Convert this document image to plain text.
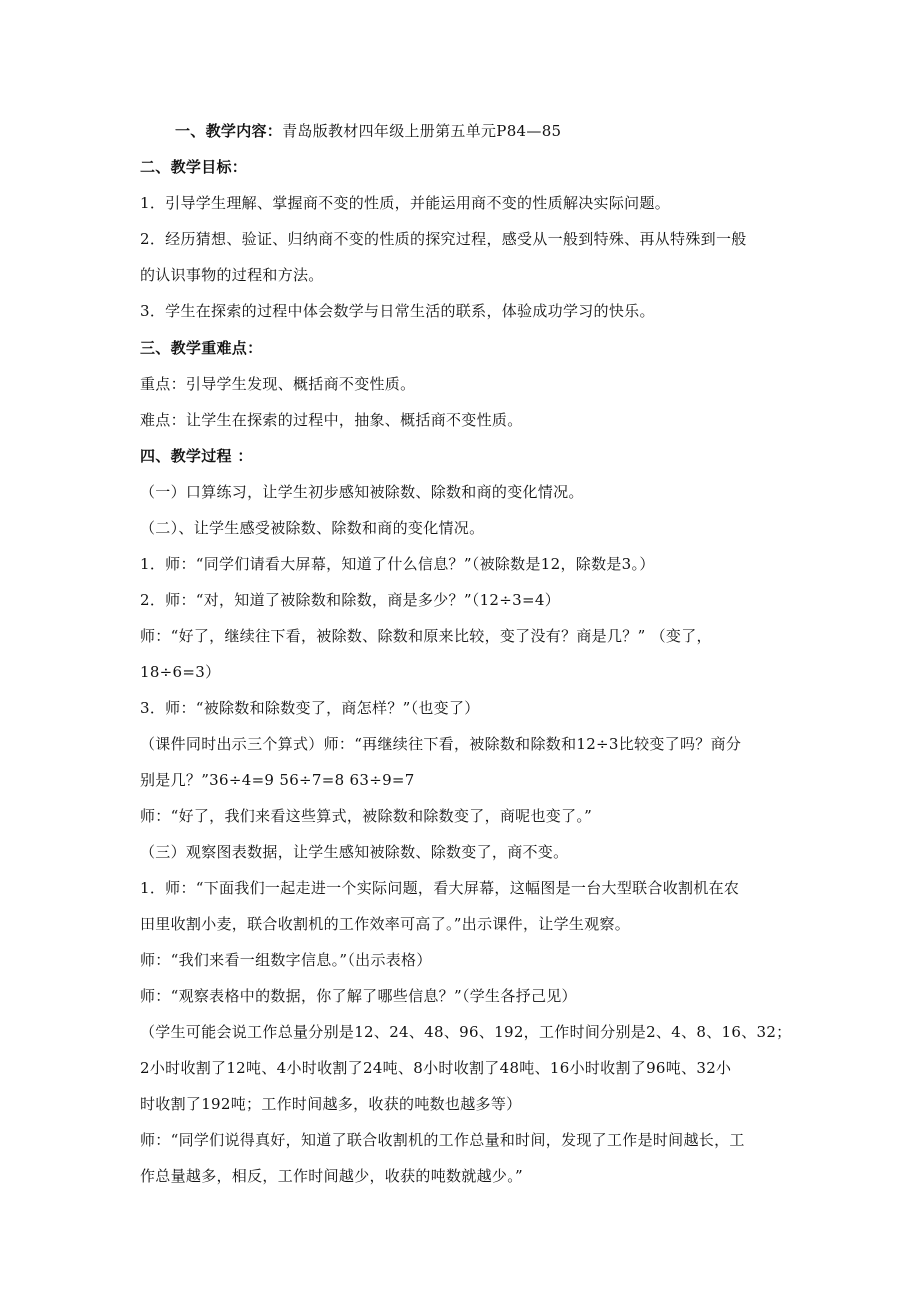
一、教学内容：青岛版教材四年级上册第五单元P84—85
二、教学目标：
1．引导学生理解、掌握商不变的性质，并能运用商不变的性质解决实际问题。
2．经历猜想、验证、归纳商不变的性质的探究过程，感受从一般到特殊、再从特殊到一般
的认识事物的过程和方法。
3．学生在探索的过程中体会数学与日常生活的联系，体验成功学习的快乐。
三、教学重难点：
重点：引导学生发现、概括商不变性质。
难点：让学生在探索的过程中，抽象、概括商不变性质。
四、教学过程 ：
（一）口算练习，让学生初步感知被除数、除数和商的变化情况。
（二）、让学生感受被除数、除数和商的变化情况。
1．师：“同学们请看大屏幕，知道了什么信息？”（被除数是12，除数是3。）
2．师：“对，知道了被除数和除数，商是多少？”（12÷3=4）
师：“好了，继续往下看，被除数、除数和原来比较，变了没有？商是几？” （变了，
18÷6=3）
3．师：“被除数和除数变了，商怎样？”（也变了）
（课件同时出示三个算式）师：“再继续往下看，被除数和除数和12÷3比较变了吗？商分
别是几？”36÷4=9 56÷7=8 63÷9=7
师：“好了，我们来看这些算式，被除数和除数变了，商呢也变了。”
（三）观察图表数据，让学生感知被除数、除数变了，商不变。
1．师：“下面我们一起走进一个实际问题，看大屏幕，这幅图是一台大型联合收割机在农
田里收割小麦，联合收割机的工作效率可高了。”出示课件，让学生观察。
师：“我们来看一组数字信息。”（出示表格）
师：“观察表格中的数据，你了解了哪些信息？”（学生各抒己见）
（学生可能会说工作总量分别是12、24、48、96、192，工作时间分别是2、4、8、16、32；
2小时收割了12吨、4小时收割了24吨、8小时收割了48吨、16小时收割了96吨、32小
时收割了192吨；工作时间越多，收获的吨数也越多等）
师：“同学们说得真好，知道了联合收割机的工作总量和时间，发现了工作是时间越长，工
作总量越多，相反，工作时间越少，收获的吨数就越少。”
